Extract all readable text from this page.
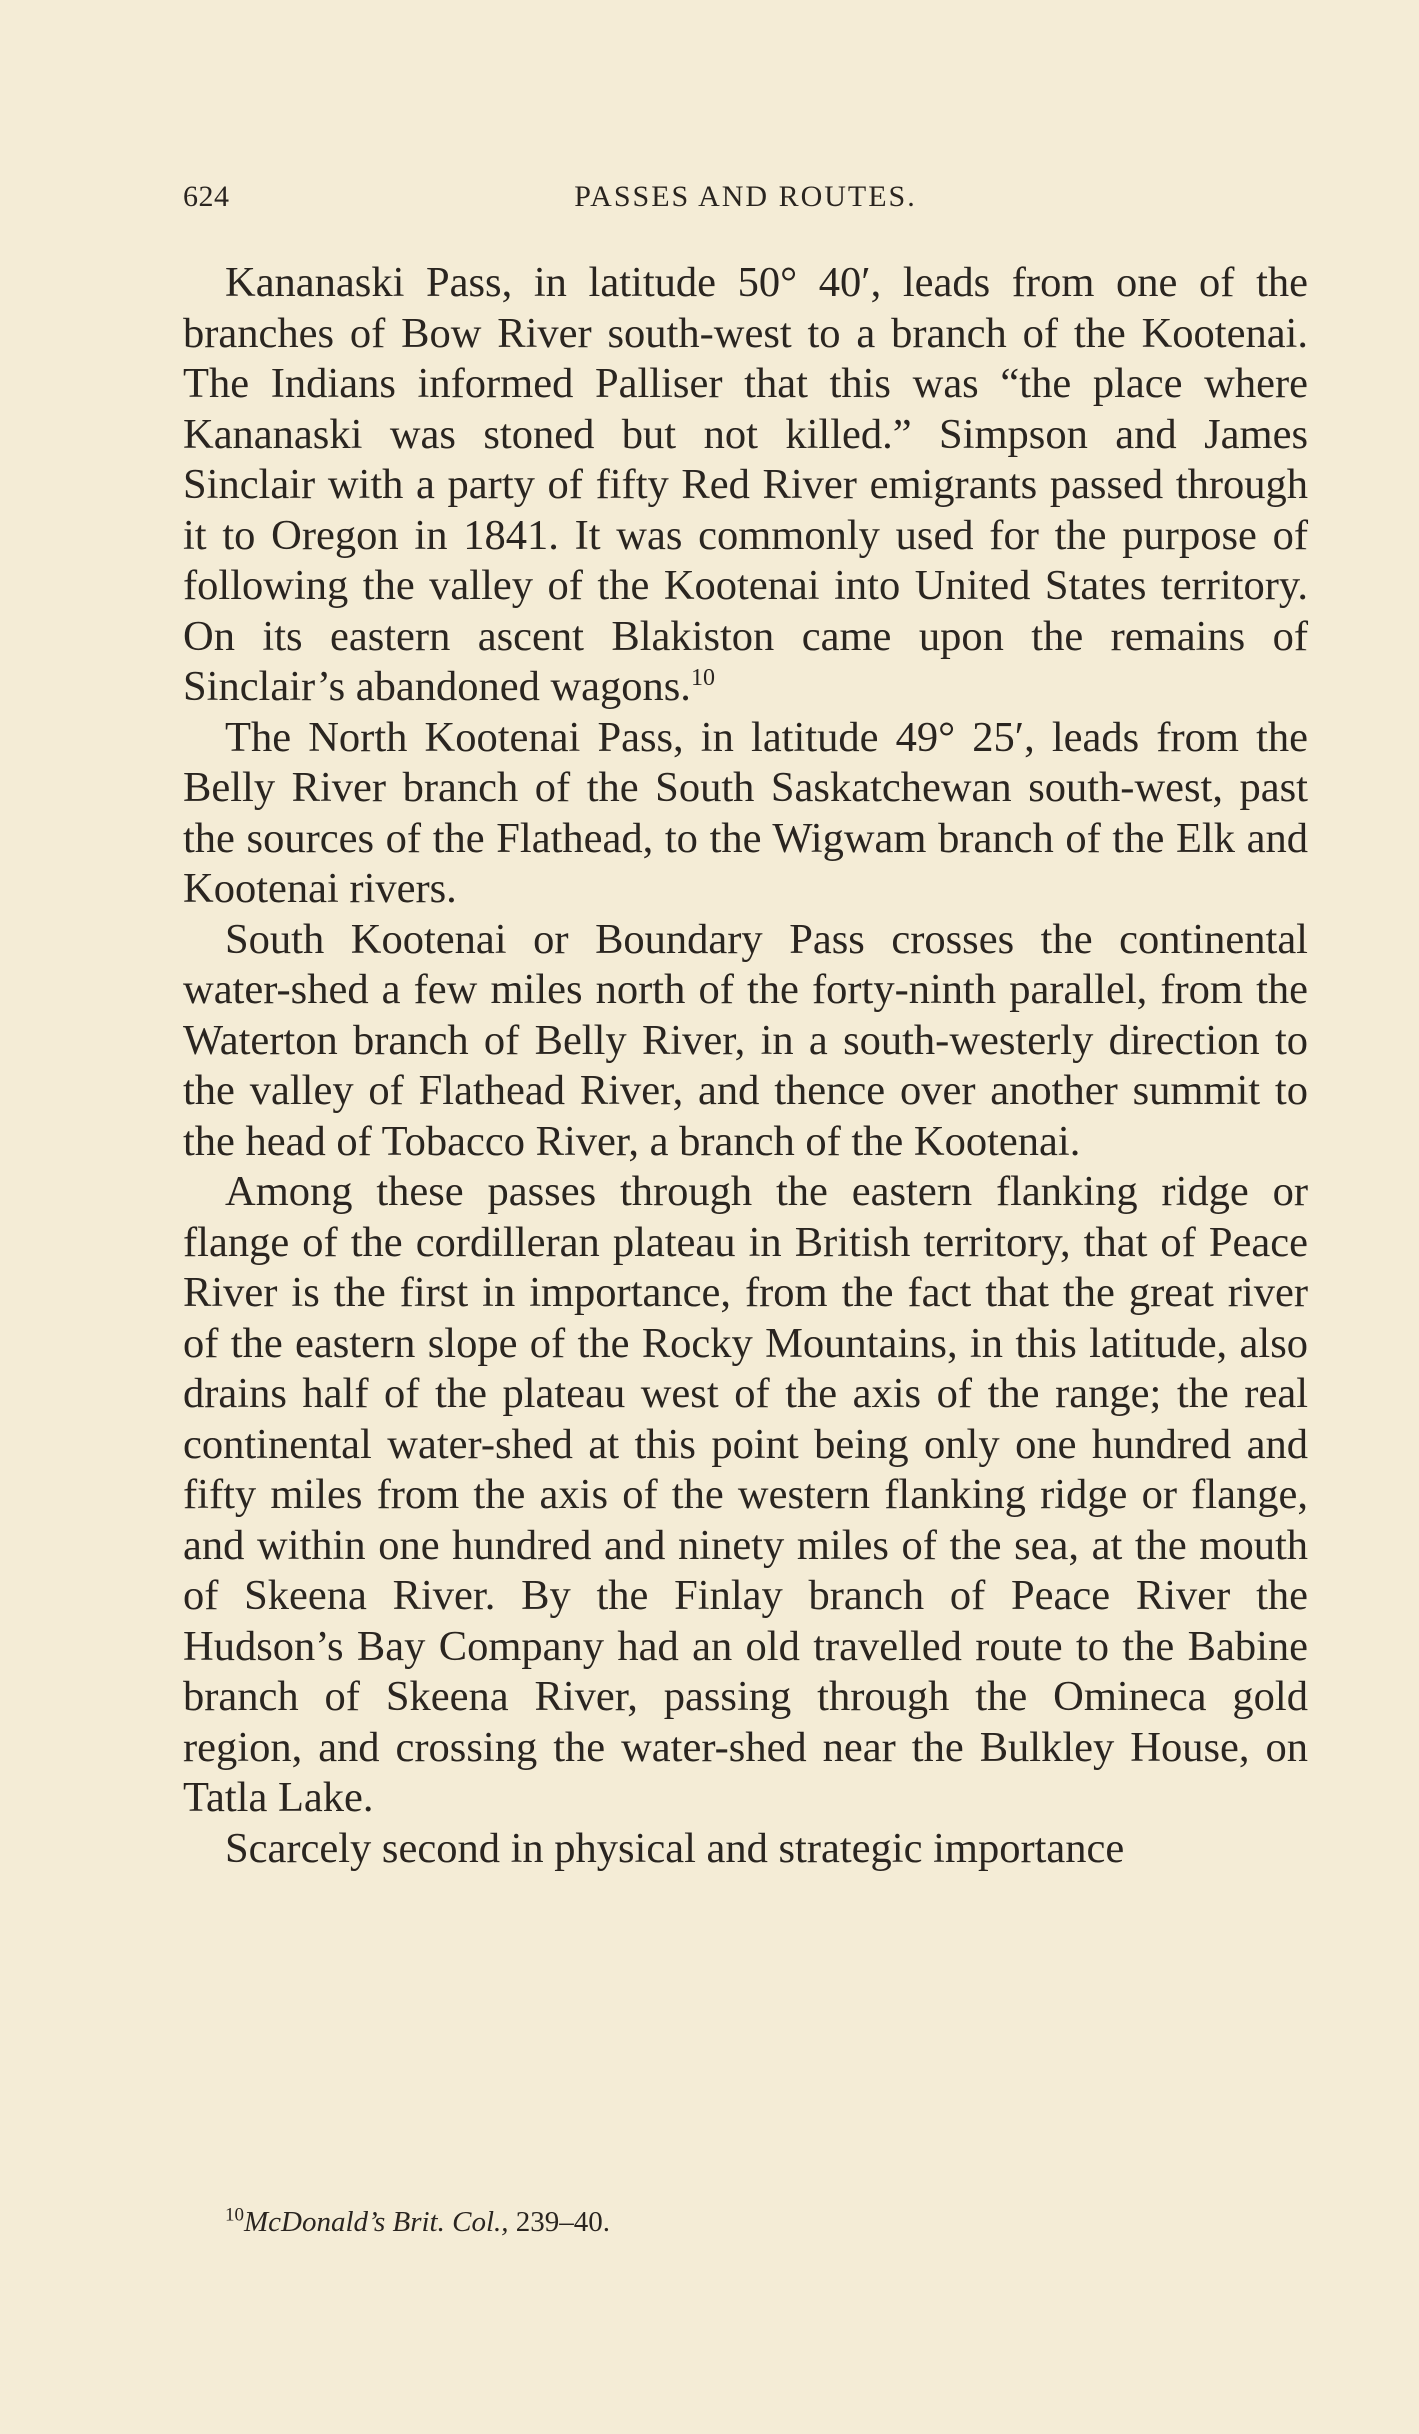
624	PASSES AND ROUTES.

Kananaski Pass, in latitude 50° 40′, leads from one of the branches of Bow River south-west to a branch of the Kootenai. The Indians informed Palliser that this was “the place where Kananaski was stoned but not killed.” Simpson and James Sinclair with a party of fifty Red River emigrants passed through it to Oregon in 1841. It was commonly used for the purpose of following the valley of the Kootenai into United States territory. On its eastern ascent Blakiston came upon the remains of Sinclair’s abandoned wagons.$^{10}$

The North Kootenai Pass, in latitude 49° 25′, leads from the Belly River branch of the South Saskatchewan south-west, past the sources of the Flathead, to the Wigwam branch of the Elk and Kootenai rivers.

South Kootenai or Boundary Pass crosses the continental water-shed a few miles north of the forty-ninth parallel, from the Waterton branch of Belly River, in a south-westerly direction to the valley of Flathead River, and thence over another summit to the head of Tobacco River, a branch of the Kootenai.

Among these passes through the eastern flanking ridge or flange of the cordilleran plateau in British territory, that of Peace River is the first in importance, from the fact that the great river of the eastern slope of the Rocky Mountains, in this latitude, also drains half of the plateau west of the axis of the range; the real continental water-shed at this point being only one hundred and fifty miles from the axis of the western flanking ridge or flange, and within one hundred and ninety miles of the sea, at the mouth of Skeena River. By the Finlay branch of Peace River the Hudson’s Bay Company had an old travelled route to the Babine branch of Skeena River, passing through the Omineca gold region, and crossing the water-shed near the Bulkley House, on Tatla Lake.

Scarcely second in physical and strategic importance

$^{10}$McDonald’s Brit. Col., 239–40.
